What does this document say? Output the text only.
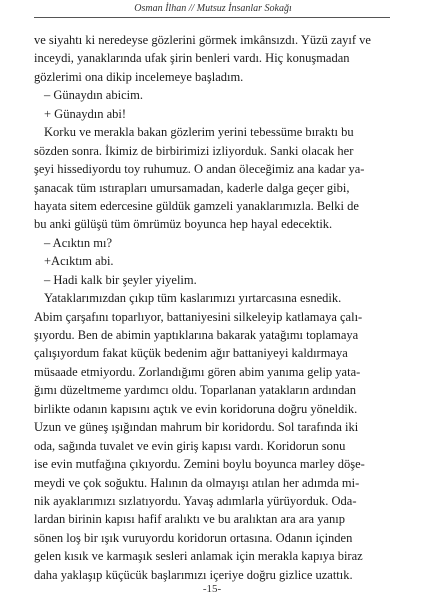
Osman İlhan // Mutsuz İnsanlar Sokağı
ve siyahtı ki neredeyse gözlerini görmek imkânsızdı. Yüzü zayıf ve
inceydi, yanaklarında ufak şirin benleri vardı. Hiç konuşmadan
gözlerimi ona dikip incelemeye başladım.
– Günaydın abicim.
+ Günaydın abi!
Korku ve merakla bakan gözlerim yerini tebessüme bıraktı bu
sözden sonra. İkimiz de birbirimizi izliyorduk. Sanki olacak her
şeyi hissediyordu toy ruhumuz. O andan öleceğimiz ana kadar ya-
şanacak tüm ıstırapları umursamadan, kaderle dalga geçer gibi,
hayata sitem edercesine güldük gamzeli yanaklarımızla. Belki de
bu anki gülüşü tüm ömrümüz boyunca hep hayal edecektik.
– Acıktın mı?
+Acıktım abi.
– Hadi kalk bir şeyler yiyelim.
Yataklarımızdan çıkıp tüm kaslarımızı yırtarcasına esnedik.
Abim çarşafını toparlıyor, battaniyesini silkeleyip katlamaya çalı-
şıyordu. Ben de abimin yaptıklarına bakarak yatağımı toplamaya
çalışıyordum fakat küçük bedenim ağır battaniyeyi kaldırmaya
müsaade etmiyordu. Zorlandığımı gören abim yanıma gelip yata-
ğımı düzeltmeme yardımcı oldu. Toparlanan yatakların ardından
birlikte odanın kapısını açtık ve evin koridoruna doğru yöneldik.
Uzun ve güneş ışığından mahrum bir koridordu. Sol tarafında iki
oda, sağında tuvalet ve evin giriş kapısı vardı. Koridorun sonu
ise evin mutfağına çıkıyordu. Zemini boylu boyunca marley döşe-
meydi ve çok soğuktu. Halının da olmayışı atılan her adımda mi-
nik ayaklarımızı sızlatıyordu. Yavaş adımlarla yürüyorduk. Oda-
lardan birinin kapısı hafif aralıktı ve bu aralıktan ara ara yanıp
sönen loş bir ışık vuruyordu koridorun ortasına. Odanın içinden
gelen kısık ve karmaşık sesleri anlamak için merakla kapıya biraz
daha yaklaşıp küçücük başlarımızı içeriye doğru gizlice uzattık.
-15-
